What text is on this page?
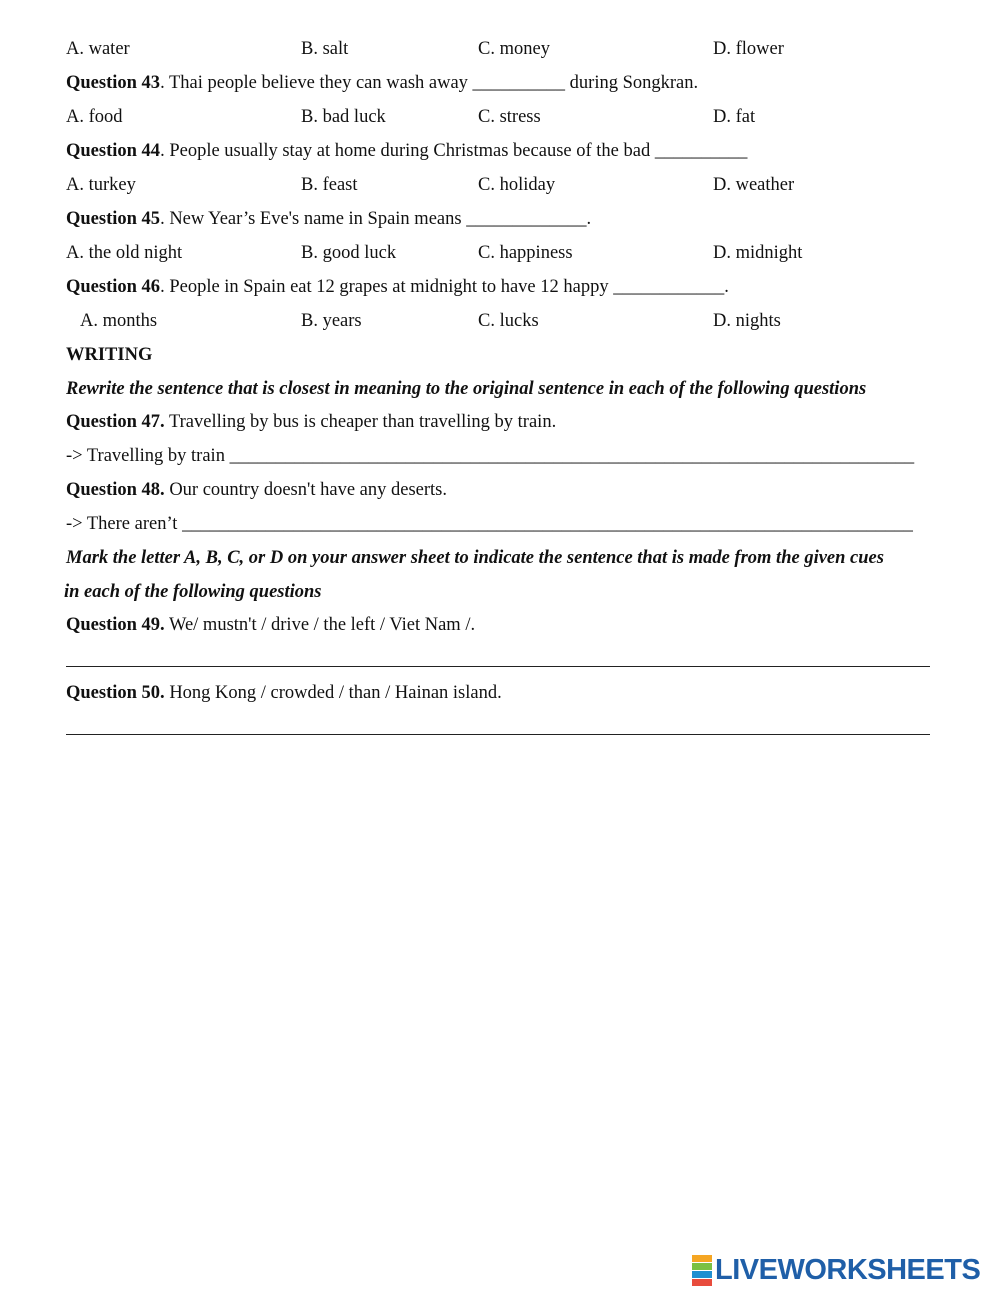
A. water	B. salt	C. money	D. flower
Question 43. Thai people believe they can wash away __________ during Songkran.
A. food	B. bad luck	C. stress	D. fat
Question 44. People usually stay at home during Christmas because of the bad __________
A. turkey	B. feast	C. holiday	D. weather
Question 45. New Year’s Eve's name in Spain means _____________.
A. the old night	B. good luck	C. happiness	D. midnight
Question 46. People in Spain eat 12 grapes at midnight to have 12 happy ____________.
A. months	B. years	C. lucks	D. nights
WRITING
Rewrite the sentence that is closest in meaning to the original sentence in each of the following questions
Question 47. Travelling by bus is cheaper than travelling by train.
-> Travelling by train __________________________________________________________________________
Question 48. Our country doesn't have any deserts.
-> There aren’t _______________________________________________________________________________
Mark the letter A, B, C, or D on your answer sheet to indicate the sentence that is made from the given cues
in each of the following questions
Question 49. We/ mustn't / drive / the left / Viet Nam /.
Question 50. Hong Kong / crowded / than / Hainan island.
LIVEWORKSHEETS
